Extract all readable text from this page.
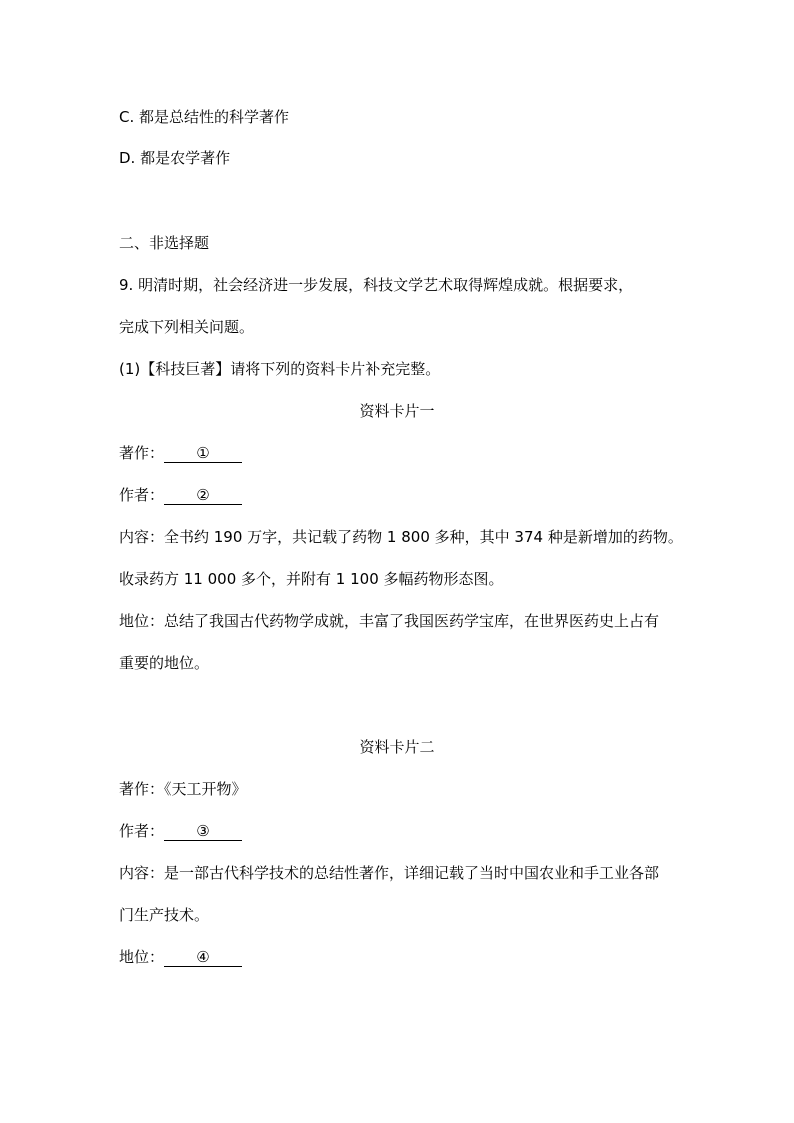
C. 都是总结性的科学著作
D. 都是农学著作
二、非选择题
9. 明清时期，社会经济进一步发展，科技文学艺术取得辉煌成就。根据要求，
完成下列相关问题。
(1)【科技巨著】请将下列的资料卡片补充完整。
资料卡片一
著作： ①
作者： ②
内容：全书约 190 万字，共记载了药物 1 800 多种，其中 374 种是新增加的药物。
收录药方 11 000 多个，并附有 1 100 多幅药物形态图。
地位：总结了我国古代药物学成就，丰富了我国医药学宝库，在世界医药史上占有
重要的地位。
资料卡片二
著作：《天工开物》
作者： ③
内容：是一部古代科学技术的总结性著作，详细记载了当时中国农业和手工业各部
门生产技术。
地位： ④
